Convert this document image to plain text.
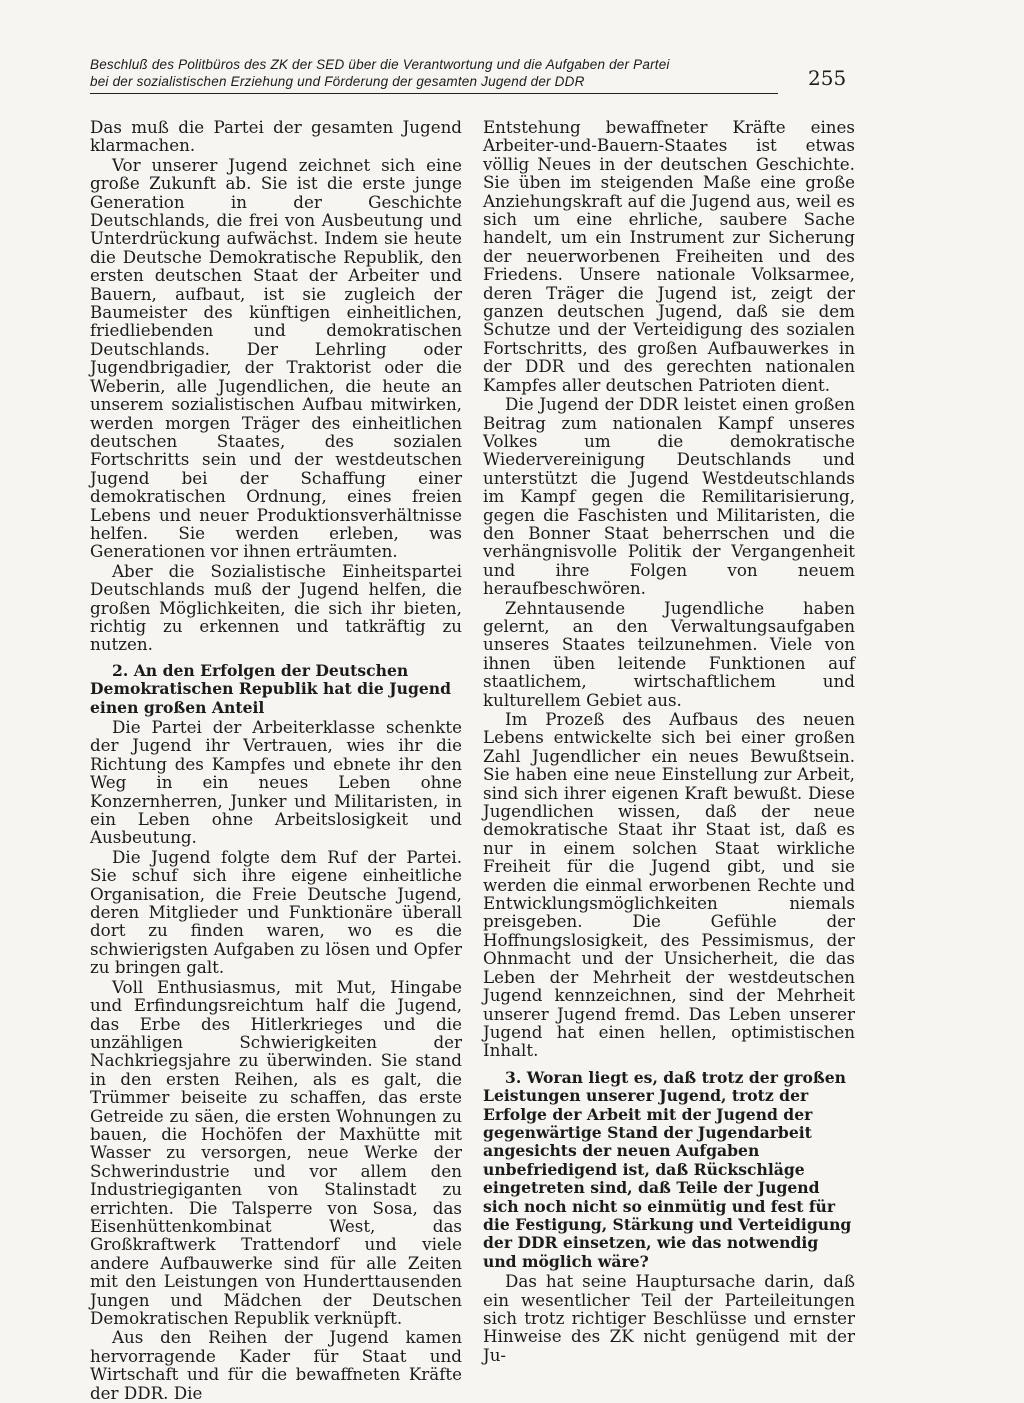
Beschluß des Politbüros des ZK der SED über die Verantwortung und die Aufgaben der Partei
bei der sozialistischen Erziehung und Förderung der gesamten Jugend der DDR	255

Das muß die Partei der gesamten Jugend klarmachen.

Vor unserer Jugend zeichnet sich eine große Zukunft ab. Sie ist die erste junge Generation in der Geschichte Deutschlands, die frei von Ausbeutung und Unterdrückung aufwächst. Indem sie heute die Deutsche Demokratische Republik, den ersten deutschen Staat der Arbeiter und Bauern, aufbaut, ist sie zugleich der Baumeister des künftigen einheitlichen, friedliebenden und demokratischen Deutschlands. Der Lehrling oder Jugendbrigadier, der Traktorist oder die Weberin, alle Jugendlichen, die heute an unserem sozialistischen Aufbau mitwirken, werden morgen Träger des einheitlichen deutschen Staates, des sozialen Fortschritts sein und der westdeutschen Jugend bei der Schaffung einer demokratischen Ordnung, eines freien Lebens und neuer Produktionsverhältnisse helfen. Sie werden erleben, was Generationen vor ihnen erträumten.

Aber die Sozialistische Einheitspartei Deutschlands muß der Jugend helfen, die großen Möglichkeiten, die sich ihr bieten, richtig zu erkennen und tatkräftig zu nutzen.

2. An den Erfolgen der Deutschen Demokratischen Republik hat die Jugend einen großen Anteil

Die Partei der Arbeiterklasse schenkte der Jugend ihr Vertrauen, wies ihr die Richtung des Kampfes und ebnete ihr den Weg in ein neues Leben ohne Konzernherren, Junker und Militaristen, in ein Leben ohne Arbeitslosigkeit und Ausbeutung.

Die Jugend folgte dem Ruf der Partei. Sie schuf sich ihre eigene einheitliche Organisation, die Freie Deutsche Jugend, deren Mitglieder und Funktionäre überall dort zu finden waren, wo es die schwierigsten Aufgaben zu lösen und Opfer zu bringen galt.

Voll Enthusiasmus, mit Mut, Hingabe und Erfindungsreichtum half die Jugend, das Erbe des Hitlerkrieges und die unzähligen Schwierigkeiten der Nachkriegsjahre zu überwinden. Sie stand in den ersten Reihen, als es galt, die Trümmer beiseite zu schaffen, das erste Getreide zu säen, die ersten Wohnungen zu bauen, die Hochöfen der Maxhütte mit Wasser zu versorgen, neue Werke der Schwerindustrie und vor allem den Industriegiganten von Stalinstadt zu errichten. Die Talsperre von Sosa, das Eisenhüttenkombinat West, das Großkraftwerk Trattendorf und viele andere Aufbauwerke sind für alle Zeiten mit den Leistungen von Hunderttausenden Jungen und Mädchen der Deutschen Demokratischen Republik verknüpft.

Aus den Reihen der Jugend kamen hervorragende Kader für Staat und Wirtschaft und für die bewaffneten Kräfte der DDR. Die

Entstehung bewaffneter Kräfte eines Arbeiter-und-Bauern-Staates ist etwas völlig Neues in der deutschen Geschichte. Sie üben im steigenden Maße eine große Anziehungskraft auf die Jugend aus, weil es sich um eine ehrliche, saubere Sache handelt, um ein Instrument zur Sicherung der neuerworbenen Freiheiten und des Friedens. Unsere nationale Volksarmee, deren Träger die Jugend ist, zeigt der ganzen deutschen Jugend, daß sie dem Schutze und der Verteidigung des sozialen Fortschritts, des großen Aufbauwerkes in der DDR und des gerechten nationalen Kampfes aller deutschen Patrioten dient.

Die Jugend der DDR leistet einen großen Beitrag zum nationalen Kampf unseres Volkes um die demokratische Wiedervereinigung Deutschlands und unterstützt die Jugend Westdeutschlands im Kampf gegen die Remilitarisierung, gegen die Faschisten und Militaristen, die den Bonner Staat beherrschen und die verhängnisvolle Politik der Vergangenheit und ihre Folgen von neuem heraufbeschwören.

Zehntausende Jugendliche haben gelernt, an den Verwaltungsaufgaben unseres Staates teilzunehmen. Viele von ihnen üben leitende Funktionen auf staatlichem, wirtschaftlichem und kulturellem Gebiet aus.

Im Prozeß des Aufbaus des neuen Lebens entwickelte sich bei einer großen Zahl Jugendlicher ein neues Bewußtsein. Sie haben eine neue Einstellung zur Arbeit, sind sich ihrer eigenen Kraft bewußt. Diese Jugendlichen wissen, daß der neue demokratische Staat ihr Staat ist, daß es nur in einem solchen Staat wirkliche Freiheit für die Jugend gibt, und sie werden die einmal erworbenen Rechte und Entwicklungsmöglichkeiten niemals preisgeben. Die Gefühle der Hoffnungslosigkeit, des Pessimismus, der Ohnmacht und der Unsicherheit, die das Leben der Mehrheit der westdeutschen Jugend kennzeichnen, sind der Mehrheit unserer Jugend fremd. Das Leben unserer Jugend hat einen hellen, optimistischen Inhalt.

3. Woran liegt es, daß trotz der großen Leistungen unserer Jugend, trotz der Erfolge der Arbeit mit der Jugend der gegenwärtige Stand der Jugendarbeit angesichts der neuen Aufgaben unbefriedigend ist, daß Rückschläge eingetreten sind, daß Teile der Jugend sich noch nicht so einmütig und fest für die Festigung, Stärkung und Verteidigung der DDR einsetzen, wie das notwendig und möglich wäre?

Das hat seine Hauptursache darin, daß ein wesentlicher Teil der Parteileitungen sich trotz richtiger Beschlüsse und ernster Hinweise des ZK nicht genügend mit der Ju-
